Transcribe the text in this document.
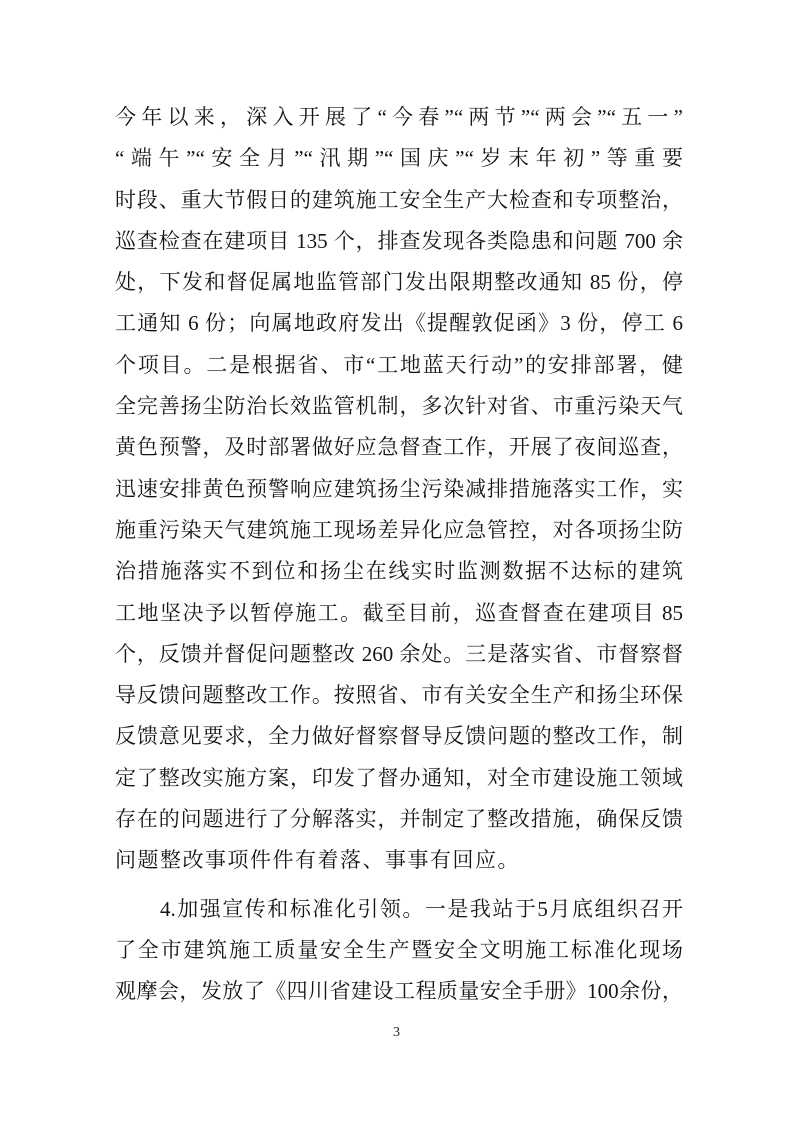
今年以来，深入开展了“今春”“两节”“两会”“五一”
“端午”“安全月”“汛期”“国庆”“岁末年初”等重要
时段、重大节假日的建筑施工安全生产大检查和专项整治，
巡查检查在建项目 135 个，排查发现各类隐患和问题 700 余
处，下发和督促属地监管部门发出限期整改通知 85 份，停
工通知 6 份；向属地政府发出《提醒敦促函》3 份，停工 6
个项目。二是根据省、市“工地蓝天行动”的安排部署，健
全完善扬尘防治长效监管机制，多次针对省、市重污染天气
黄色预警，及时部署做好应急督查工作，开展了夜间巡查，
迅速安排黄色预警响应建筑扬尘污染减排措施落实工作，实
施重污染天气建筑施工现场差异化应急管控，对各项扬尘防
治措施落实不到位和扬尘在线实时监测数据不达标的建筑
工地坚决予以暂停施工。截至目前，巡查督查在建项目 85
个，反馈并督促问题整改 260 余处。三是落实省、市督察督
导反馈问题整改工作。按照省、市有关安全生产和扬尘环保
反馈意见要求，全力做好督察督导反馈问题的整改工作，制
定了整改实施方案，印发了督办通知，对全市建设施工领域
存在的问题进行了分解落实，并制定了整改措施，确保反馈
问题整改事项件件有着落、事事有回应。
4.加强宣传和标准化引领。一是我站于5月底组织召开
了全市建筑施工质量安全生产暨安全文明施工标准化现场
观摩会，发放了《四川省建设工程质量安全手册》100余份，
3
